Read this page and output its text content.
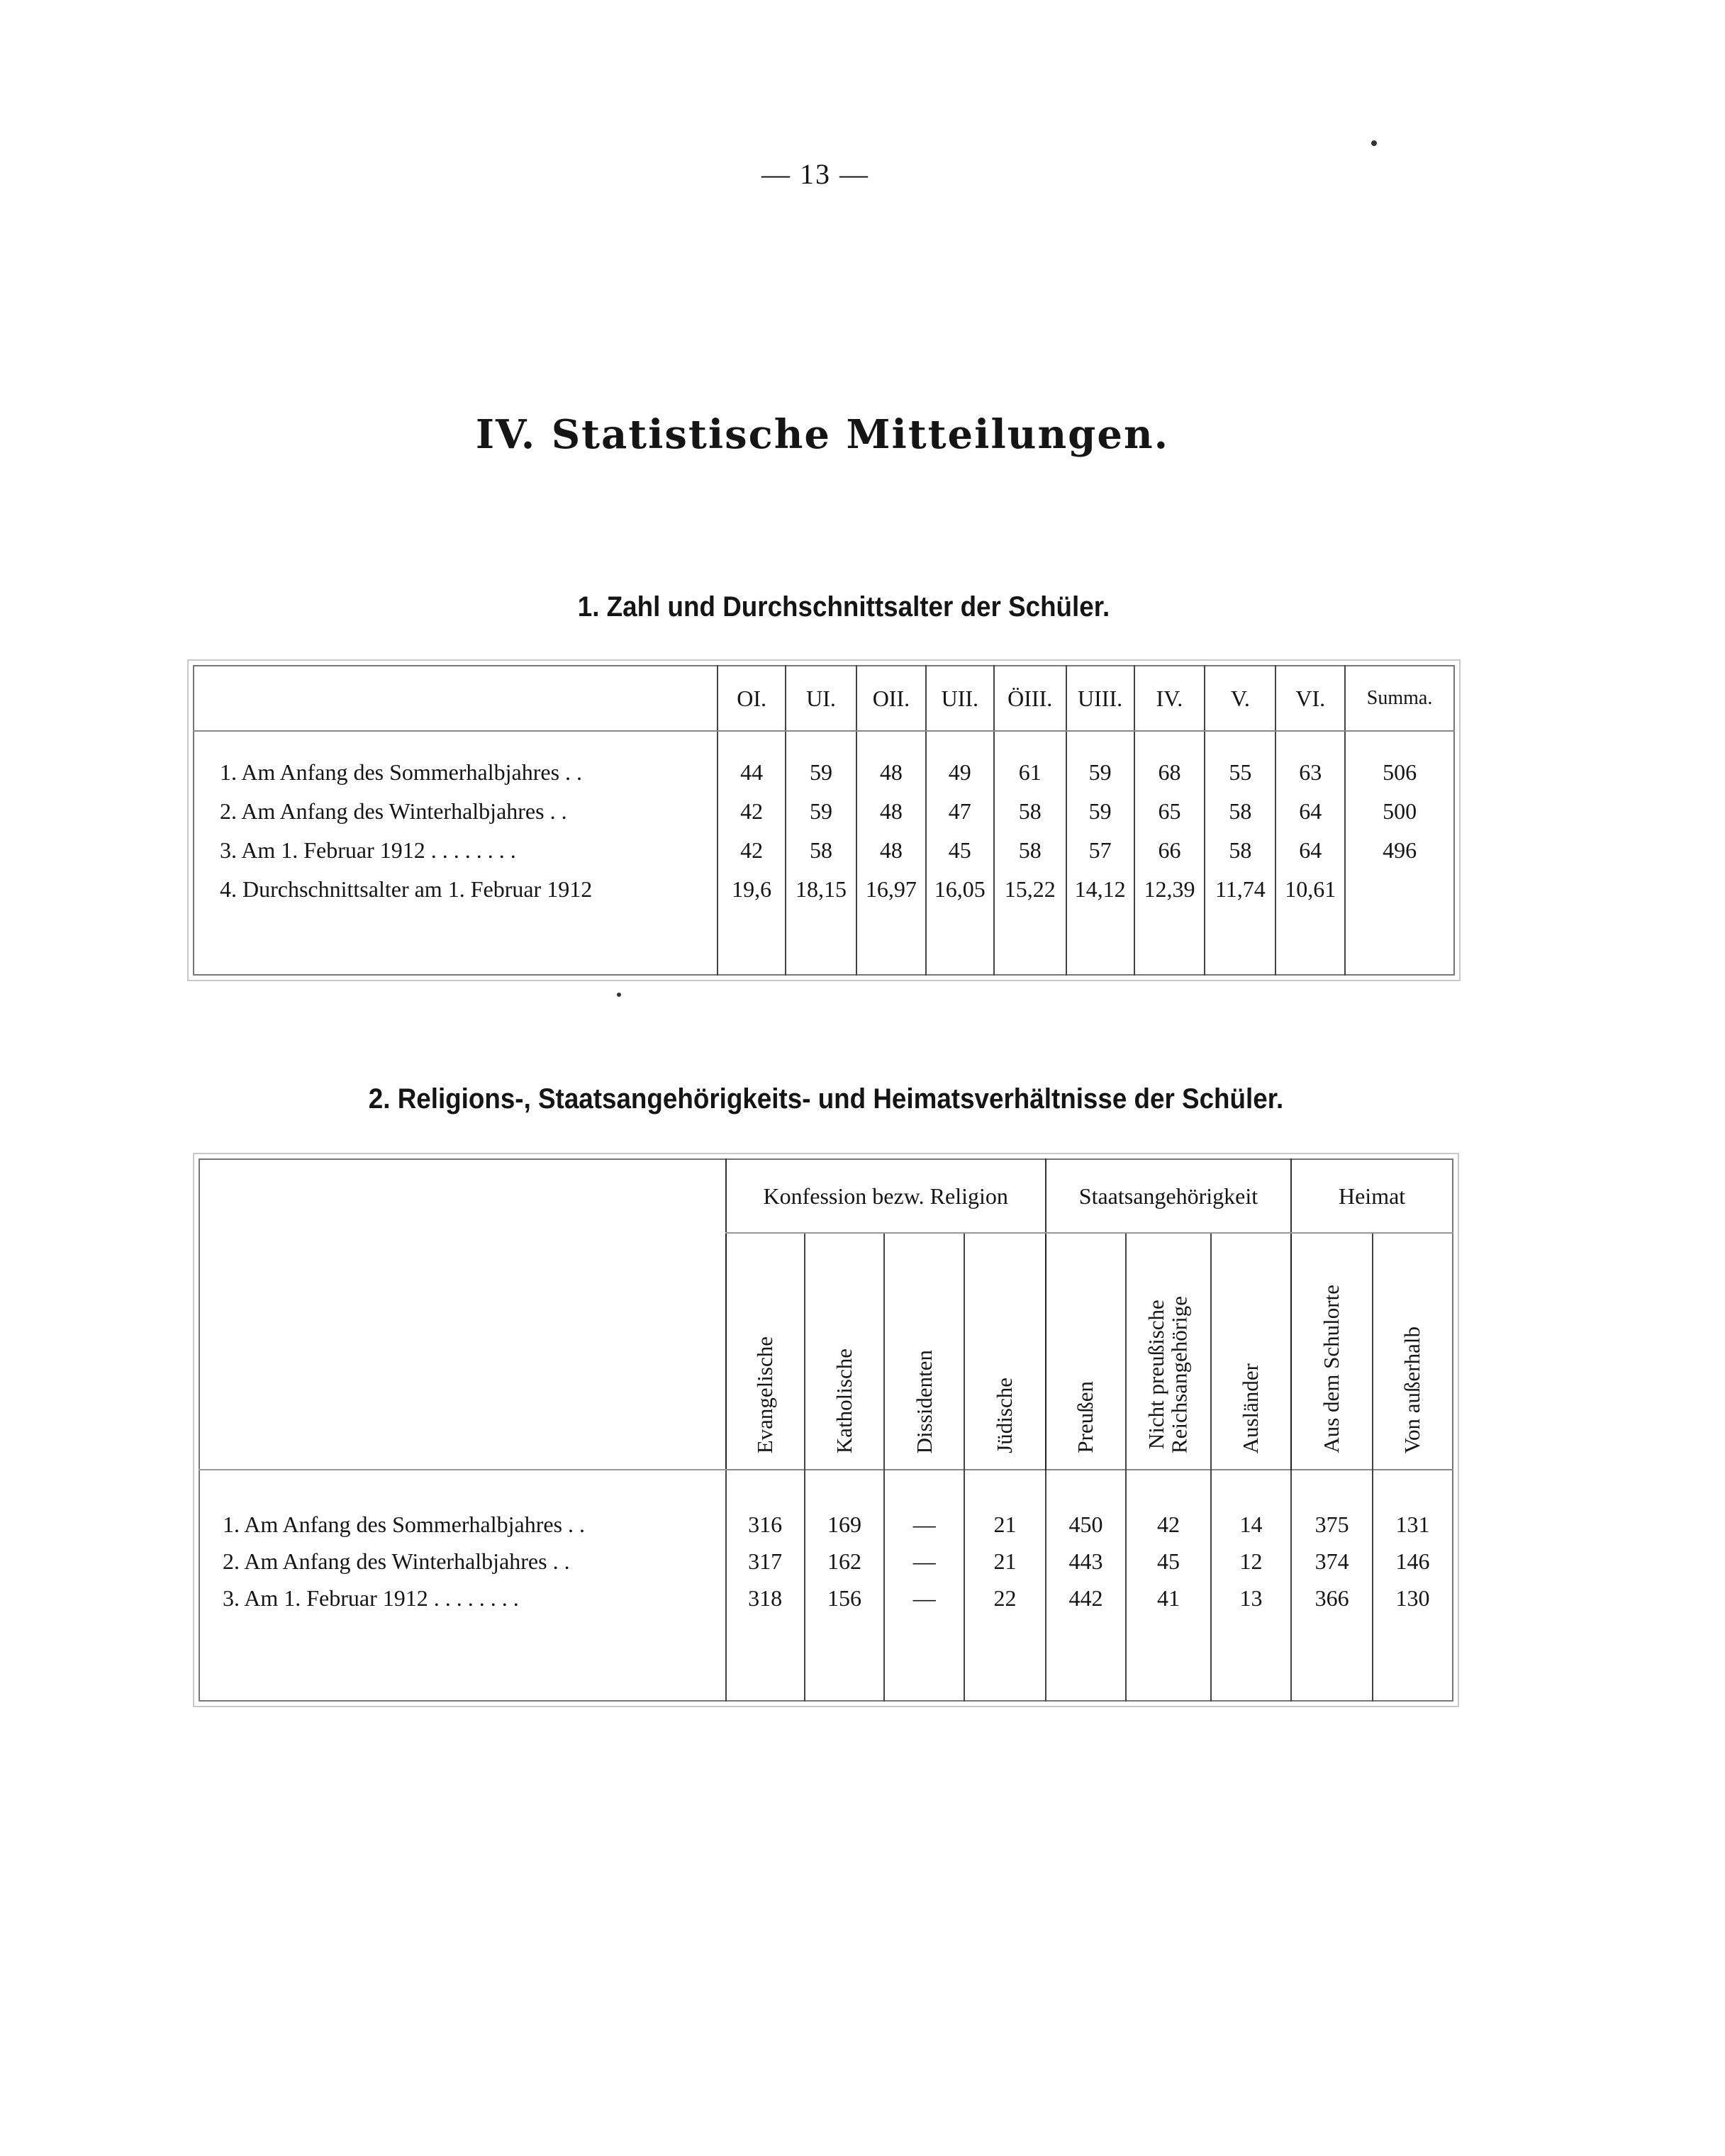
— 13 —
IV. Statistische Mitteilungen.
1. Zahl und Durchschnittsalter der Schüler.
	OI.	UI.	OII.	UII.	ÖIII.	UIII.	IV.	V.	VI.	Summa.
1. Am Anfang des Sommerhalbjahres . .	44	59	48	49	61	59	68	55	63	506
2. Am Anfang des Winterhalbjahres . .	42	59	48	47	58	59	65	58	64	500
3. Am 1. Februar 1912 . . . . . . . .	42	58	48	45	58	57	66	58	64	496
4. Durchschnittsalter am 1. Februar 1912	19,6	18,15	16,97	16,05	15,22	14,12	12,39	11,74	10,61	

2. Religions-, Staatsangehörigkeits- und Heimatsverhältnisse der Schüler.
	Konfession bezw. Religion				Staatsangehörigkeit			Heimat	

	Evangelische	Katholische	Dissidenten	Jüdische	Preußen	Nicht preußische
Reichsangehörige	Ausländer	Aus dem Schulorte	Von außerhalb

1. Am Anfang des Sommerhalbjahres . .	316	169	—	21	450	42	14	375	131
2. Am Anfang des Winterhalbjahres . .	317	162	—	21	443	45	12	374	146
3. Am 1. Februar 1912 . . . . . . . .	318	156	—	22	442	41	13	366	130
